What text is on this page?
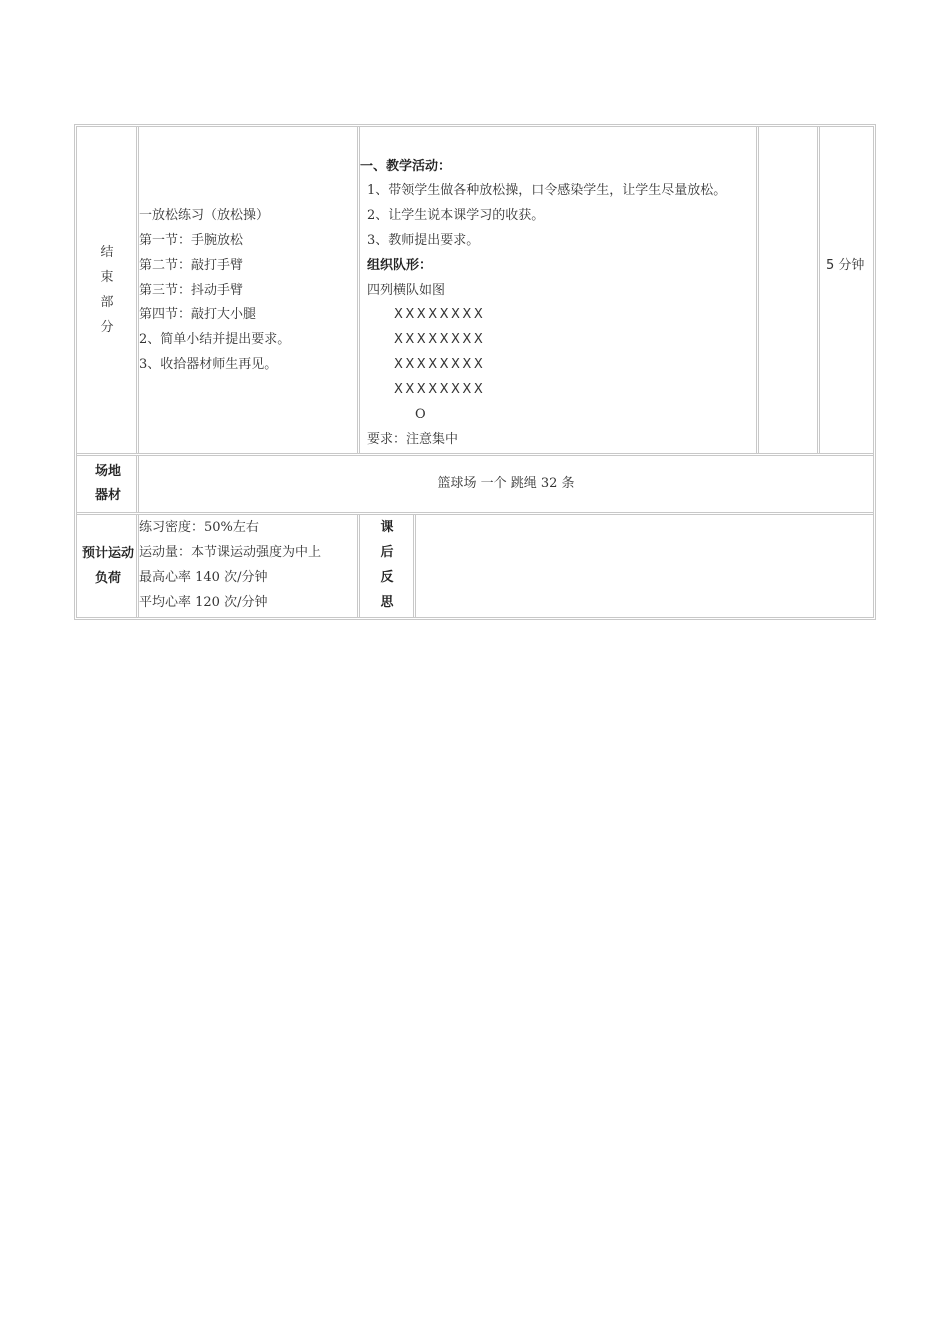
结
束
部
分
一放松练习（放松操）
第一节：手腕放松
第二节：敲打手臂
第三节：抖动手臂
第四节：敲打大小腿
2、简单小结并提出要求。
3、收拾器材师生再见。
一、教学活动：
1、带领学生做各种放松操，口令感染学生，让学生尽量放松。
2、让学生说本课学习的收获。
3、教师提出要求。
组织队形：
四列横队如图
XXXXXXXX
XXXXXXXX
XXXXXXXX
XXXXXXXX
O
要求：注意集中
5 分钟
场地
器材
篮球场 一个 跳绳 32 条
预计运动
负荷
练习密度：50%左右
运动量：本节课运动强度为中上
最高心率 140 次/分钟
平均心率 120 次/分钟
课
后
反
思
